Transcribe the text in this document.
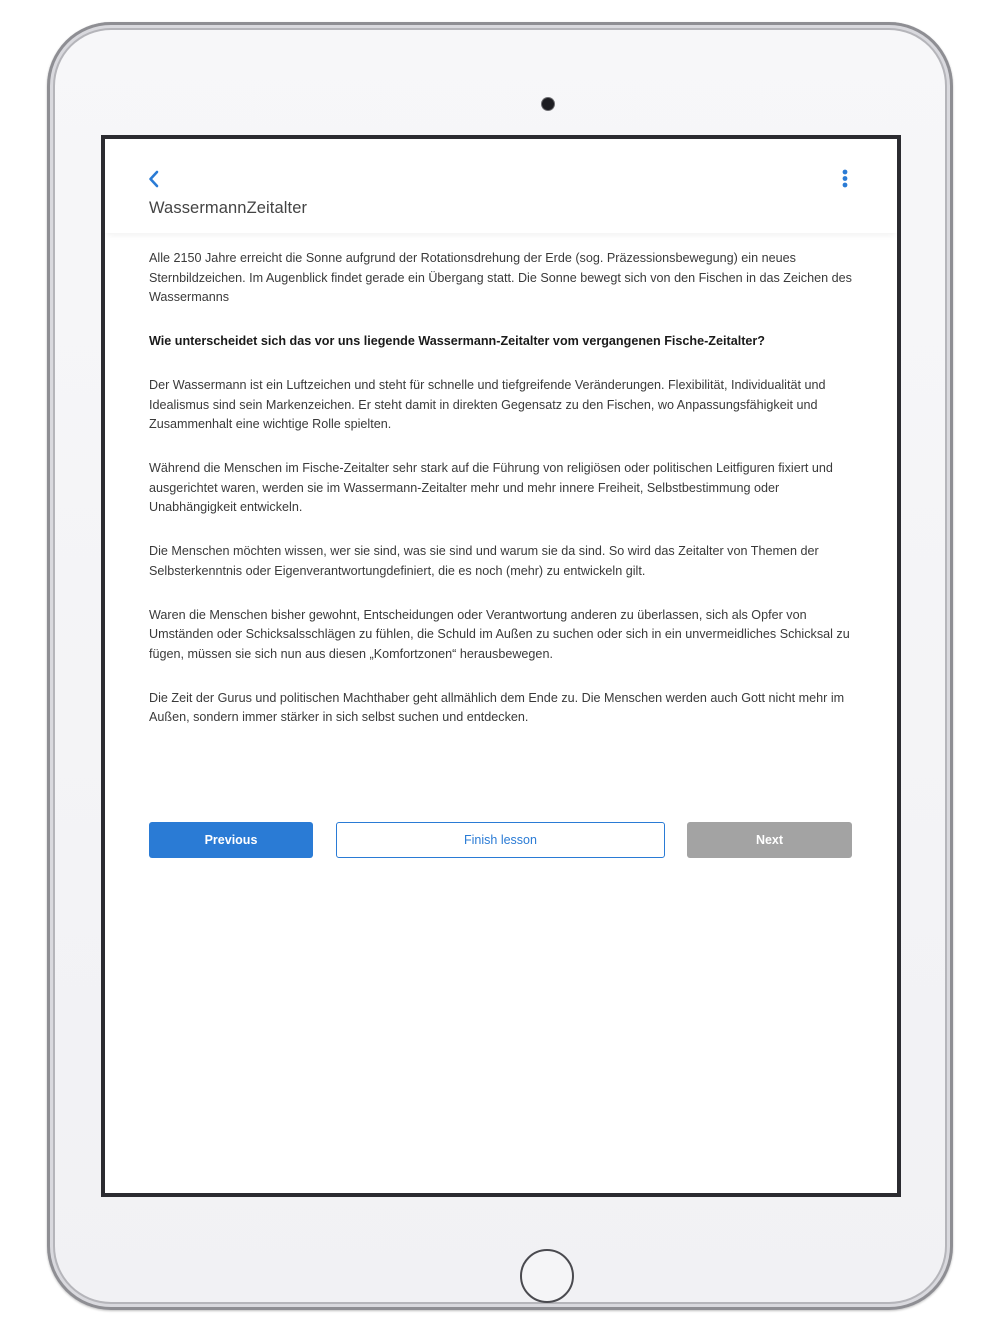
WassermannZeitalter

Alle 2150 Jahre erreicht die Sonne aufgrund der Rotationsdrehung der Erde (sog. Präzessionsbewegung) ein neues Sternbildzeichen. Im Augenblick findet gerade ein Übergang statt. Die Sonne bewegt sich von den Fischen in das Zeichen des Wassermanns

Wie unterscheidet sich das vor uns liegende Wassermann-Zeitalter vom vergangenen Fische-Zeitalter?

Der Wassermann ist ein Luftzeichen und steht für schnelle und tiefgreifende Veränderungen. Flexibilität, Individualität und Idealismus sind sein Markenzeichen. Er steht damit in direkten Gegensatz zu den Fischen, wo Anpassungsfähigkeit und Zusammenhalt eine wichtige Rolle spielten.

Während die Menschen im Fische-Zeitalter sehr stark auf die Führung von religiösen oder politischen Leitfiguren fixiert und ausgerichtet waren, werden sie im Wassermann-Zeitalter mehr und mehr innere Freiheit, Selbstbestimmung oder Unabhängigkeit entwickeln.

Die Menschen möchten wissen, wer sie sind, was sie sind und warum sie da sind. So wird das Zeitalter von Themen der Selbsterkenntnis oder Eigenverantwortungdefiniert, die es noch (mehr) zu entwickeln gilt.

Waren die Menschen bisher gewohnt, Entscheidungen oder Verantwortung anderen zu überlassen, sich als Opfer von Umständen oder Schicksalsschlägen zu fühlen, die Schuld im Außen zu suchen oder sich in ein unvermeidliches Schicksal zu fügen, müssen sie sich nun aus diesen „Komfortzonen“ herausbewegen.

Die Zeit der Gurus und politischen Machthaber geht allmählich dem Ende zu. Die Menschen werden auch Gott nicht mehr im Außen, sondern immer stärker in sich selbst suchen und entdecken.

Previous	Finish lesson	Next
